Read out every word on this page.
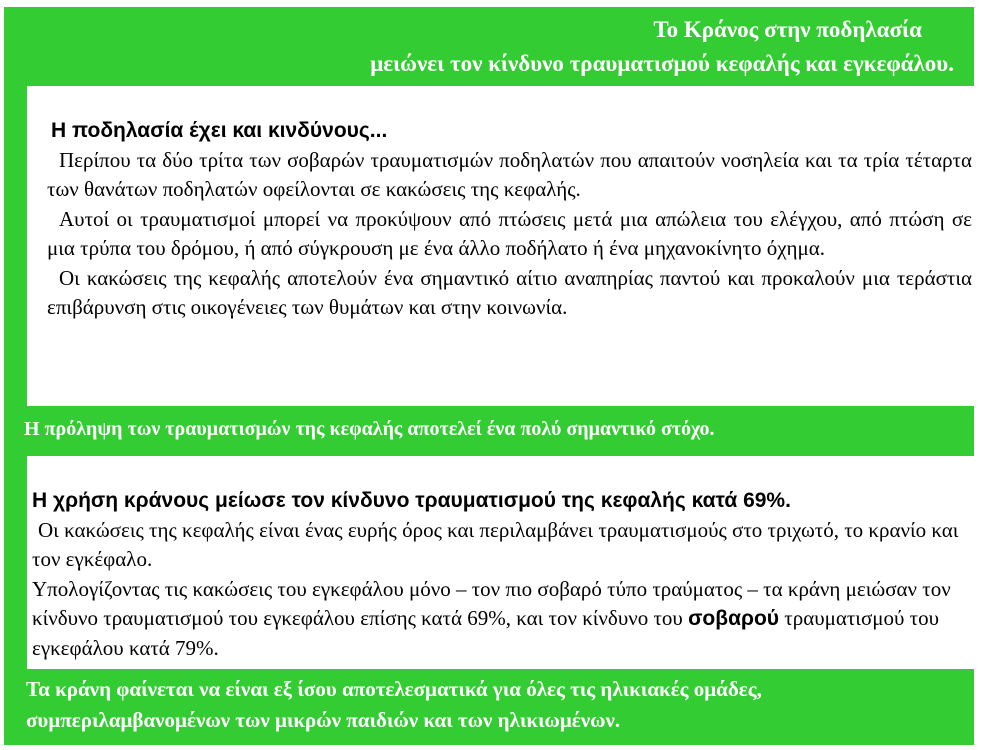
Το Κράνος στην ποδηλασία
μειώνει τον κίνδυνο τραυματισμού κεφαλής και εγκεφάλου.

Η ποδηλασία έχει και κινδύνους...

Περίπου τα δύο τρίτα των σοβαρών τραυματισμών ποδηλατών που απαιτούν νοσηλεία και τα τρία τέταρτα των θανάτων ποδηλατών οφείλονται σε κακώσεις της κεφαλής.

Αυτοί οι τραυματισμοί μπορεί να προκύψουν από πτώσεις μετά μια απώλεια του ελέγχου, από πτώση σε μια τρύπα του δρόμου, ή από σύγκρουση με ένα άλλο ποδήλατο ή ένα μηχανοκίνητο όχημα.

Οι κακώσεις της κεφαλής αποτελούν ένα σημαντικό αίτιο αναπηρίας παντού και προκαλούν μια τεράστια επιβάρυνση στις οικογένειες των θυμάτων και στην κοινωνία.

Η πρόληψη των τραυματισμών της κεφαλής αποτελεί ένα πολύ σημαντικό στόχο.

Η χρήση κράνους μείωσε τον κίνδυνο τραυματισμού της κεφαλής κατά 69%.

Οι κακώσεις της κεφαλής είναι ένας ευρής όρος και περιλαμβάνει τραυματισμούς στο τριχωτό, το κρανίο και τον εγκέφαλο.

Υπολογίζοντας τις κακώσεις του εγκεφάλου μόνο – τον πιο σοβαρό τύπο τραύματος – τα κράνη μειώσαν τον κίνδυνο τραυματισμού του εγκεφάλου επίσης κατά 69%, και τον κίνδυνο του σοβαρού τραυματισμού του εγκεφάλου κατά 79%.

Τα κράνη φαίνεται να είναι εξ ίσου αποτελεσματικά για όλες τις ηλικιακές ομάδες,
συμπεριλαμβανομένων των μικρών παιδιών και των ηλικιωμένων.
